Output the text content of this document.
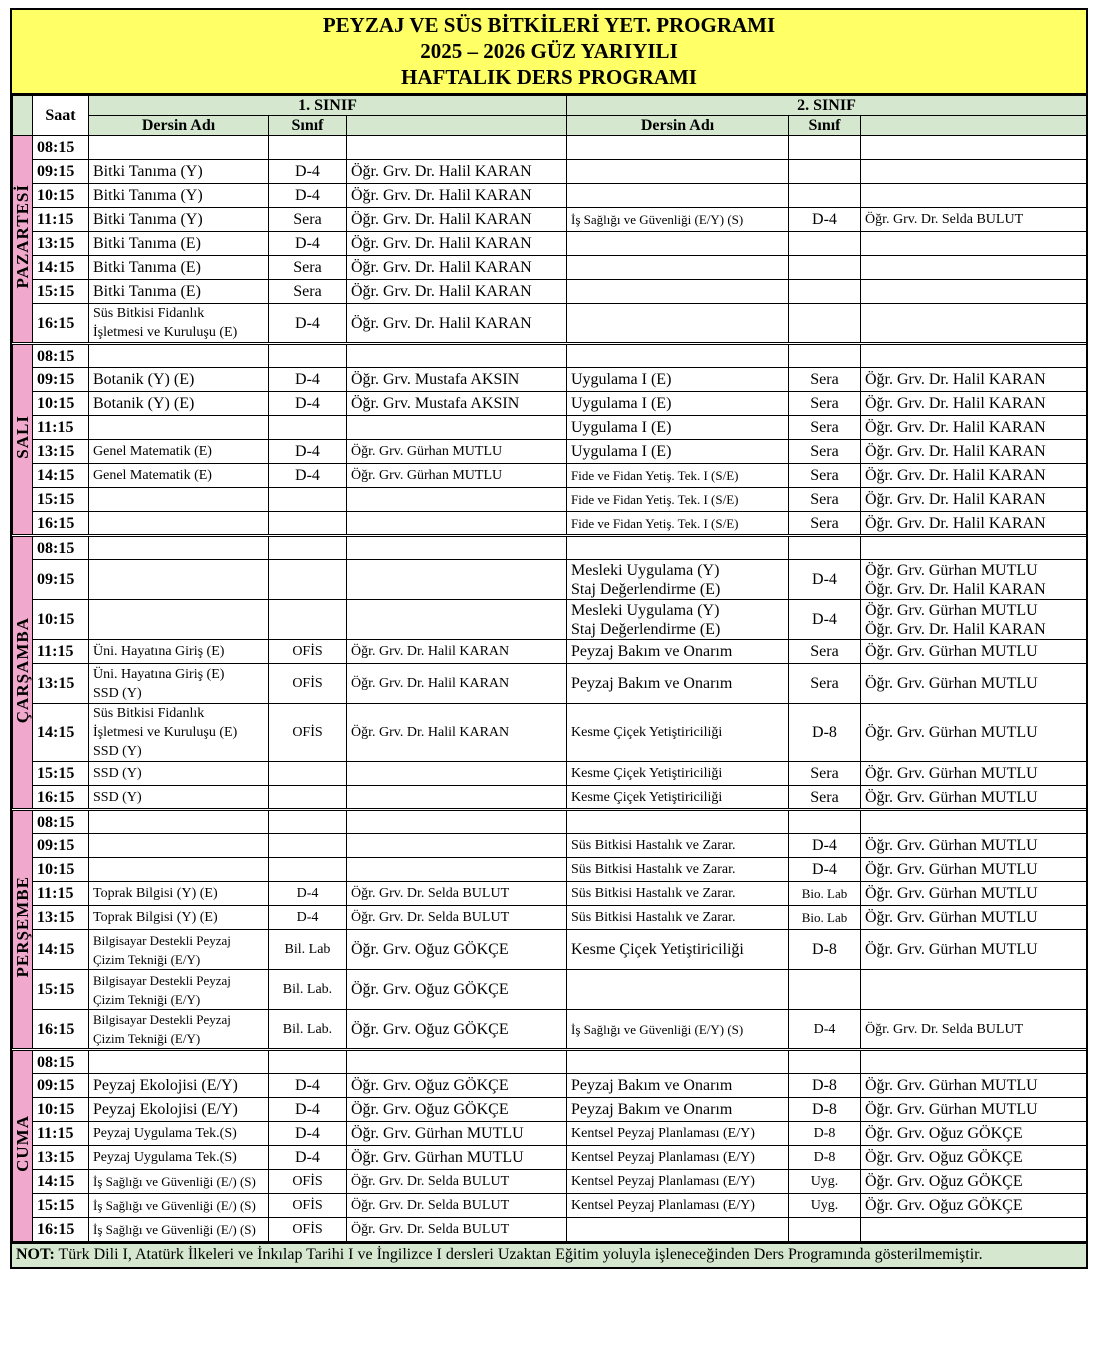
PEYZAJ VE SÜS BİTKİLERİ YET. PROGRAMI
2025 – 2026 GÜZ YARIYILI
HAFTALIK DERS PROGRAMI
	Saat	1. SINIF			2. SINIF		
		Dersin Adı	Sınıf		Dersin Adı	Sınıf	
PAZARTESİ	08:15						
	09:15	Bitki Tanıma (Y)	D-4	Öğr. Grv. Dr. Halil KARAN			
	10:15	Bitki Tanıma (Y)	D-4	Öğr. Grv. Dr. Halil KARAN			
	11:15	Bitki Tanıma (Y)	Sera	Öğr. Grv. Dr. Halil KARAN	İş Sağlığı ve Güvenliği (E/Y) (S)	D-4	Öğr. Grv. Dr. Selda BULUT
	13:15	Bitki Tanıma (E)	D-4	Öğr. Grv. Dr. Halil KARAN			
	14:15	Bitki Tanıma (E)	Sera	Öğr. Grv. Dr. Halil KARAN			
	15:15	Bitki Tanıma (E)	Sera	Öğr. Grv. Dr. Halil KARAN			
	16:15	Süs Bitkisi Fidanlık
İşletmesi ve Kuruluşu (E)	D-4	Öğr. Grv. Dr. Halil KARAN			
SALI	08:15						
	09:15	Botanik (Y) (E)	D-4	Öğr. Grv. Mustafa AKSIN	Uygulama I (E)	Sera	Öğr. Grv. Dr. Halil KARAN
	10:15	Botanik (Y) (E)	D-4	Öğr. Grv. Mustafa AKSIN	Uygulama I (E)	Sera	Öğr. Grv. Dr. Halil KARAN
	11:15				Uygulama I (E)	Sera	Öğr. Grv. Dr. Halil KARAN
	13:15	Genel Matematik (E)	D-4	Öğr. Grv. Gürhan MUTLU	Uygulama I (E)	Sera	Öğr. Grv. Dr. Halil KARAN
	14:15	Genel Matematik (E)	D-4	Öğr. Grv. Gürhan MUTLU	Fide ve Fidan Yetiş. Tek. I (S/E)	Sera	Öğr. Grv. Dr. Halil KARAN
	15:15				Fide ve Fidan Yetiş. Tek. I (S/E)	Sera	Öğr. Grv. Dr. Halil KARAN
	16:15				Fide ve Fidan Yetiş. Tek. I (S/E)	Sera	Öğr. Grv. Dr. Halil KARAN
ÇARŞAMBA	08:15						
	09:15				Mesleki Uygulama (Y)
Staj Değerlendirme (E)	D-4	Öğr. Grv. Gürhan MUTLU
Öğr. Grv. Dr. Halil KARAN
	10:15				Mesleki Uygulama (Y)
Staj Değerlendirme (E)	D-4	Öğr. Grv. Gürhan MUTLU
Öğr. Grv. Dr. Halil KARAN
	11:15	Üni. Hayatına Giriş (E)	OFİS	Öğr. Grv. Dr. Halil KARAN	Peyzaj Bakım ve Onarım	Sera	Öğr. Grv. Gürhan MUTLU
	13:15	Üni. Hayatına Giriş (E)
SSD (Y)	OFİS	Öğr. Grv. Dr. Halil KARAN	Peyzaj Bakım ve Onarım	Sera	Öğr. Grv. Gürhan MUTLU
	14:15	Süs Bitkisi Fidanlık
İşletmesi ve Kuruluşu (E)
SSD (Y)	OFİS	Öğr. Grv. Dr. Halil KARAN	Kesme Çiçek Yetiştiriciliği	D-8	Öğr. Grv. Gürhan MUTLU
	15:15	SSD (Y)			Kesme Çiçek Yetiştiriciliği	Sera	Öğr. Grv. Gürhan MUTLU
	16:15	SSD (Y)			Kesme Çiçek Yetiştiriciliği	Sera	Öğr. Grv. Gürhan MUTLU
PERŞEMBE	08:15						
	09:15				Süs Bitkisi Hastalık ve Zarar.	D-4	Öğr. Grv. Gürhan MUTLU
	10:15				Süs Bitkisi Hastalık ve Zarar.	D-4	Öğr. Grv. Gürhan MUTLU
	11:15	Toprak Bilgisi (Y) (E)	D-4	Öğr. Grv. Dr. Selda BULUT	Süs Bitkisi Hastalık ve Zarar.	Bio. Lab	Öğr. Grv. Gürhan MUTLU
	13:15	Toprak Bilgisi (Y) (E)	D-4	Öğr. Grv. Dr. Selda BULUT	Süs Bitkisi Hastalık ve Zarar.	Bio. Lab	Öğr. Grv. Gürhan MUTLU
	14:15	Bilgisayar Destekli Peyzaj
Çizim Tekniği (E/Y)	Bil. Lab	Öğr. Grv. Oğuz GÖKÇE	Kesme Çiçek Yetiştiriciliği	D-8	Öğr. Grv. Gürhan MUTLU
	15:15	Bilgisayar Destekli Peyzaj
Çizim Tekniği (E/Y)	Bil. Lab.	Öğr. Grv. Oğuz GÖKÇE			
	16:15	Bilgisayar Destekli Peyzaj
Çizim Tekniği (E/Y)	Bil. Lab.	Öğr. Grv. Oğuz GÖKÇE	İş Sağlığı ve Güvenliği (E/Y) (S)	D-4	Öğr. Grv. Dr. Selda BULUT
CUMA	08:15						
	09:15	Peyzaj Ekolojisi (E/Y)	D-4	Öğr. Grv. Oğuz GÖKÇE	Peyzaj Bakım ve Onarım	D-8	Öğr. Grv. Gürhan MUTLU
	10:15	Peyzaj Ekolojisi (E/Y)	D-4	Öğr. Grv. Oğuz GÖKÇE	Peyzaj Bakım ve Onarım	D-8	Öğr. Grv. Gürhan MUTLU
	11:15	Peyzaj Uygulama Tek.(S)	D-4	Öğr. Grv. Gürhan MUTLU	Kentsel Peyzaj Planlaması (E/Y)	D-8	Öğr. Grv. Oğuz GÖKÇE
	13:15	Peyzaj Uygulama Tek.(S)	D-4	Öğr. Grv. Gürhan MUTLU	Kentsel Peyzaj Planlaması (E/Y)	D-8	Öğr. Grv. Oğuz GÖKÇE
	14:15	İş Sağlığı ve Güvenliği (E/) (S)	OFİS	Öğr. Grv. Dr. Selda BULUT	Kentsel Peyzaj Planlaması (E/Y)	Uyg.	Öğr. Grv. Oğuz GÖKÇE
	15:15	İş Sağlığı ve Güvenliği (E/) (S)	OFİS	Öğr. Grv. Dr. Selda BULUT	Kentsel Peyzaj Planlaması (E/Y)	Uyg.	Öğr. Grv. Oğuz GÖKÇE
	16:15	İş Sağlığı ve Güvenliği (E/) (S)	OFİS	Öğr. Grv. Dr. Selda BULUT			
NOT: Türk Dili I, Atatürk İlkeleri ve İnkılap Tarihi I ve İngilizce I dersleri Uzaktan Eğitim yoluyla işleneceğinden Ders Programında gösterilmemiştir.
